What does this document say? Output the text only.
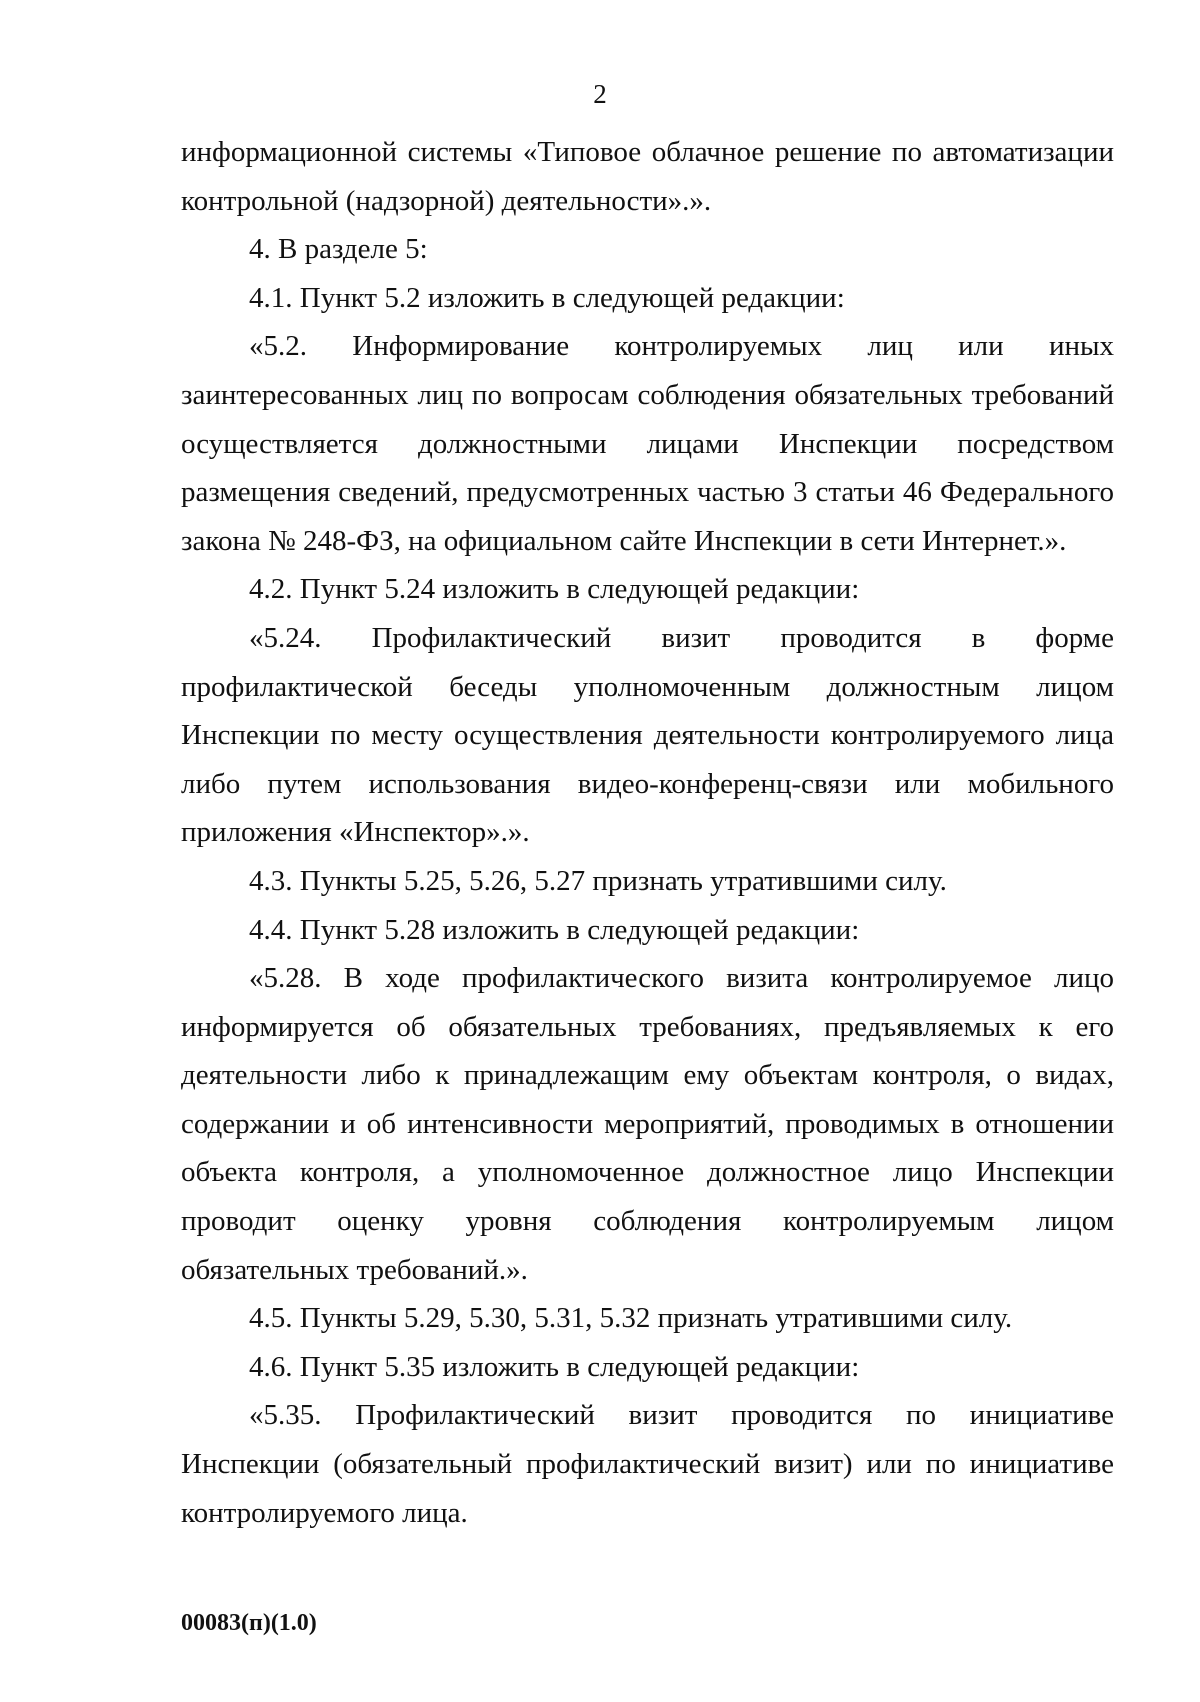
2

информационной системы «Типовое облачное решение по автоматизации контрольной (надзорной) деятельности».».

4. В разделе 5:

4.1. Пункт 5.2 изложить в следующей редакции:

«5.2. Информирование контролируемых лиц или иных заинтересованных лиц по вопросам соблюдения обязательных требований осуществляется должностными лицами Инспекции посредством размещения сведений, предусмотренных частью 3 статьи 46 Федерального закона № 248-ФЗ, на официальном сайте Инспекции в сети Интернет.».

4.2. Пункт 5.24 изложить в следующей редакции:

«5.24. Профилактический визит проводится в форме профилактической беседы уполномоченным должностным лицом Инспекции по месту осуществления деятельности контролируемого лица либо путем использования видео-конференц-связи или мобильного приложения «Инспектор».».

4.3. Пункты 5.25, 5.26, 5.27 признать утратившими силу.

4.4. Пункт 5.28 изложить в следующей редакции:

«5.28. В ходе профилактического визита контролируемое лицо информируется об обязательных требованиях, предъявляемых к его деятельности либо к принадлежащим ему объектам контроля, о видах, содержании и об интенсивности мероприятий, проводимых в отношении объекта контроля, а уполномоченное должностное лицо Инспекции проводит оценку уровня соблюдения контролируемым лицом обязательных требований.».

4.5. Пункты 5.29, 5.30, 5.31, 5.32 признать утратившими силу.

4.6. Пункт 5.35 изложить в следующей редакции:

«5.35. Профилактический визит проводится по инициативе Инспекции (обязательный профилактический визит) или по инициативе контролируемого лица.

00083(п)(1.0)
